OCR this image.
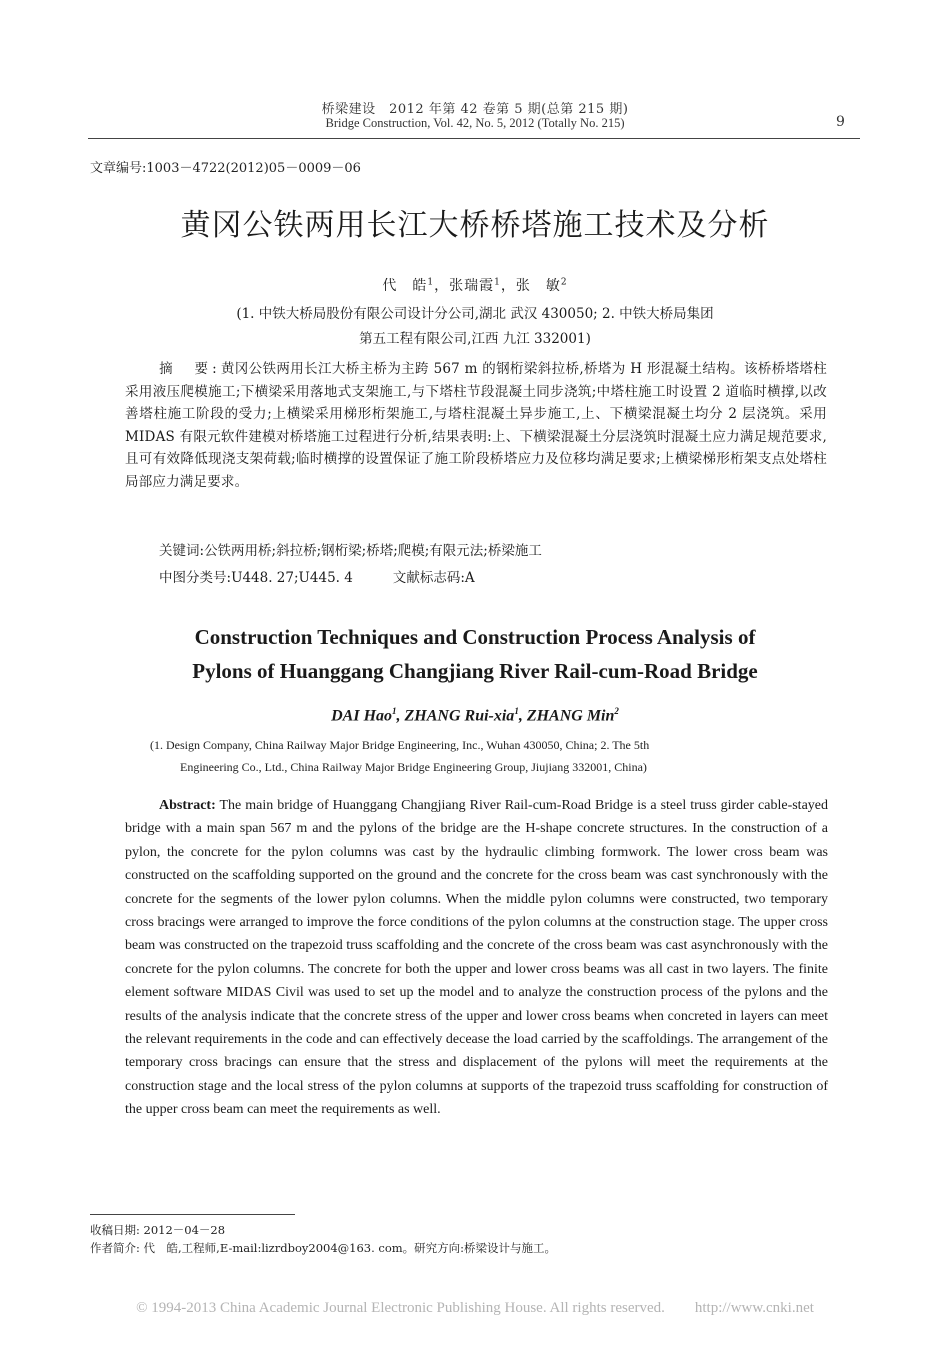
桥梁建设　2012 年第 42 卷第 5 期(总第 215 期)
Bridge Construction, Vol. 42, No. 5, 2012 (Totally No. 215)	9
文章编号:1003－4722(2012)05－0009－06
黄冈公铁两用长江大桥桥塔施工技术及分析
代　皓$^1$，张瑞霞$^1$，张　敏$^2$
(1. 中铁大桥局股份有限公司设计分公司,湖北 武汉 430050; 2. 中铁大桥局集团
第五工程有限公司,江西 九江 332001)
摘　要:黄冈公铁两用长江大桥主桥为主跨 567 m 的钢桁梁斜拉桥,桥塔为 H 形混凝土结构。该桥桥塔塔柱采用液压爬模施工;下横梁采用落地式支架施工,与下塔柱节段混凝土同步浇筑;中塔柱施工时设置 2 道临时横撑,以改善塔柱施工阶段的受力;上横梁采用梯形桁架施工,与塔柱混凝土异步施工,上、下横梁混凝土均分 2 层浇筑。采用 MIDAS 有限元软件建模对桥塔施工过程进行分析,结果表明:上、下横梁混凝土分层浇筑时混凝土应力满足规范要求,且可有效降低现浇支架荷载;临时横撑的设置保证了施工阶段桥塔应力及位移均满足要求;上横梁梯形桁架支点处塔柱局部应力满足要求。
关键词:公铁两用桥;斜拉桥;钢桁梁;桥塔;爬模;有限元法;桥梁施工
中图分类号:U448. 27;U445. 4	文献标志码:A
Construction Techniques and Construction Process Analysis of
Pylons of Huanggang Changjiang River Rail-cum-Road Bridge
DAI Hao$^1$, ZHANG Rui-xia$^1$, ZHANG Min$^2$
(1. Design Company, China Railway Major Bridge Engineering, Inc., Wuhan 430050, China; 2. The 5th
Engineering Co., Ltd., China Railway Major Bridge Engineering Group, Jiujiang 332001, China)
Abstract: The main bridge of Huanggang Changjiang River Rail-cum-Road Bridge is a steel truss girder cable-stayed bridge with a main span 567 m and the pylons of the bridge are the H-shape concrete structures. In the construction of a pylon, the concrete for the pylon columns was cast by the hydraulic climbing formwork. The lower cross beam was constructed on the scaffolding supported on the ground and the concrete for the cross beam was cast synchronously with the concrete for the segments of the lower pylon columns. When the middle pylon columns were constructed, two temporary cross bracings were arranged to improve the force conditions of the pylon columns at the construction stage. The upper cross beam was constructed on the trapezoid truss scaffolding and the concrete of the cross beam was cast asynchronously with the concrete for the pylon columns. The concrete for both the upper and lower cross beams was all cast in two layers. The finite element software MIDAS Civil was used to set up the model and to analyze the construction process of the pylons and the results of the analysis indicate that the concrete stress of the upper and lower cross beams when concreted in layers can meet the relevant requirements in the code and can effectively decease the load carried by the scaffoldings. The arrangement of the temporary cross bracings can ensure that the stress and displacement of the pylons will meet the requirements at the construction stage and the local stress of the pylon columns at supports of the trapezoid truss scaffolding for construction of the upper cross beam can meet the requirements as well.
收稿日期: 2012－04－28
作者简介: 代　皓,工程师,E-mail:lizrdboy2004@163. com。研究方向:桥梁设计与施工。
© 1994-2013 China Academic Journal Electronic Publishing House. All rights reserved.　　http://www.cnki.net
